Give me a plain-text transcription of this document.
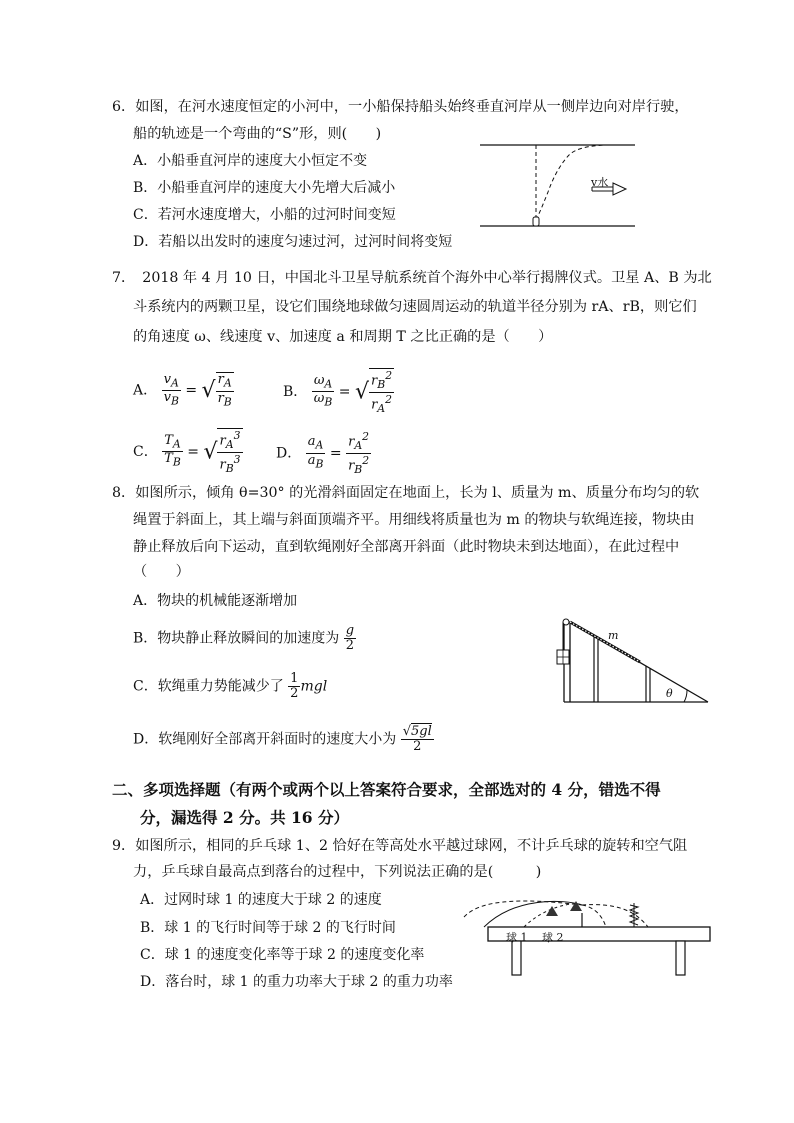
6．如图，在河水速度恒定的小河中，一小船保持船头始终垂直河岸从一侧岸边向对岸行驶，
船的轨迹是一个弯曲的“S”形，则(　　)
A．小船垂直河岸的速度大小恒定不变
B．小船垂直河岸的速度大小先增大后减小
C．若河水速度增大，小船的过河时间变短
D．若船以出发时的速度匀速过河，过河时间将变短
v水
7．　2018 年 4 月 10 日，中国北斗卫星导航系统首个海外中心举行揭牌仪式。卫星 A、B 为北
斗系统内的两颗卫星，设它们围绕地球做匀速圆周运动的轨道半径分别为 rA、rB，则它们
的角速度 ω、线速度 v、加速度 a 和周期 T 之比正确的是（　　）
A． $\frac{v_A}{v_B}$ = √ $\frac{r_A}{r_B}$	B． $\frac{\omega_A}{\omega_B}$ = √ $\frac{r_B^2}{r_A^2}$
C． $\frac{T_A}{T_B}$ = √ $\frac{r_A^3}{r_B^3}$ D． $\frac{a_A}{a_B} = \frac{r_A^2}{r_B^2}$
8．如图所示，倾角 θ=30° 的光滑斜面固定在地面上，长为 l、质量为 m、质量分布均匀的软
绳置于斜面上，其上端与斜面顶端齐平。用细线将质量也为 m 的物块与软绳连接，物块由
静止释放后向下运动，直到软绳刚好全部离开斜面（此时物块未到达地面），在此过程中
（　　）
A．物块的机械能逐渐增加
B．物块静止释放瞬间的加速度为 $\frac{g}{2}$
C．软绳重力势能减少了 $\frac{1}{2}$ mgl
D．软绳刚好全部离开斜面时的速度大小为 $\frac{√5gl}{2}$
m
θ
二、多项选择题（有两个或两个以上答案符合要求，全部选对的 4 分，错选不得
分，漏选得 2 分。共 16 分）
9．如图所示，相同的乒乓球 1、2 恰好在等高处水平越过球网，不计乒乓球的旋转和空气阻
力，乒乓球自最高点到落台的过程中，下列说法正确的是(　　　)
A．过网时球 1 的速度大于球 2 的速度
B．球 1 的飞行时间等于球 2 的飞行时间
C．球 1 的速度变化率等于球 2 的速度变化率
D．落台时，球 1 的重力功率大于球 2 的重力功率
球 1 球 2
